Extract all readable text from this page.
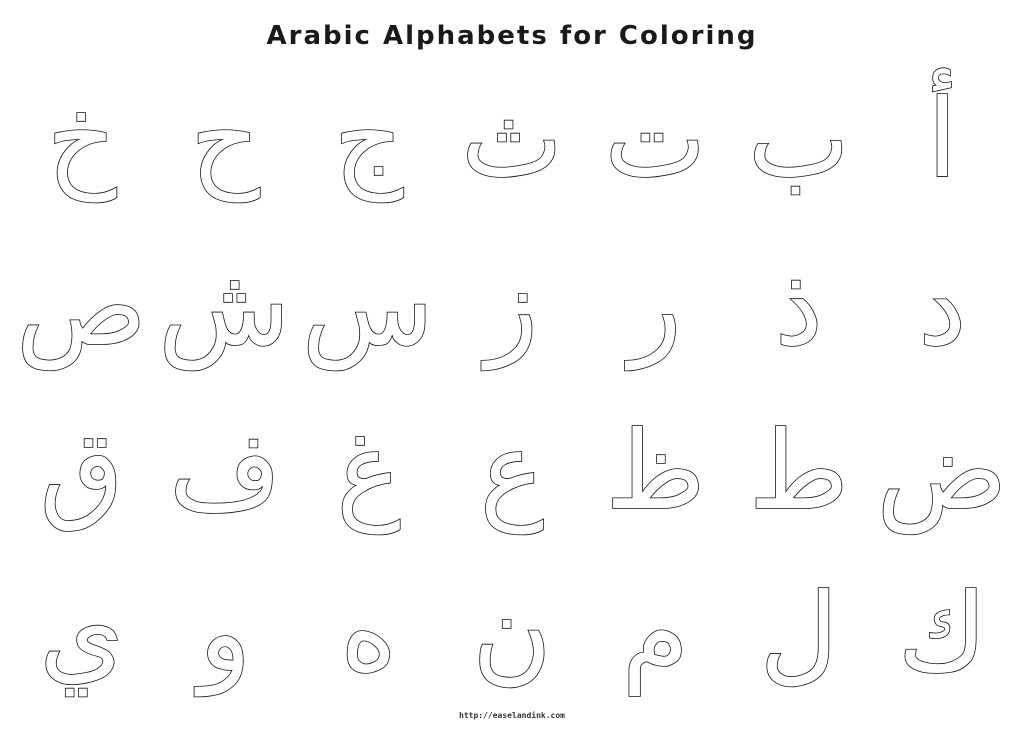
Arabic Alphabets for Coloring
أ
ب
ت
ث
ج
ح
خ
د
ذ
ر
ز
س
ش
ص
ض
ط
ظ
ع
غ
ف
ق
ك
ل
م
ن
ه
و
ي
http://easelandink.com
